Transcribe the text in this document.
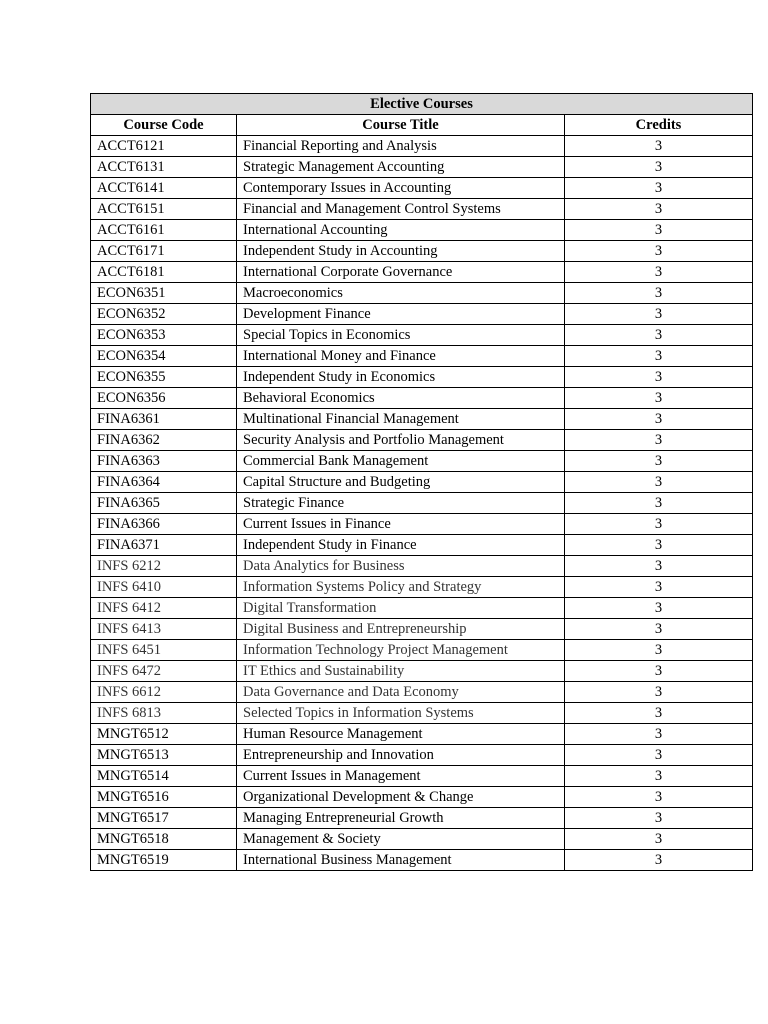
Elective Courses		
Course Code	Course Title	Credits
ACCT6121	Financial Reporting and Analysis	3
ACCT6131	Strategic Management Accounting	3
ACCT6141	Contemporary Issues in Accounting	3
ACCT6151	Financial and Management Control Systems	3
ACCT6161	International Accounting	3
ACCT6171	Independent Study in Accounting	3
ACCT6181	International Corporate Governance	3
ECON6351	Macroeconomics	3
ECON6352	Development Finance	3
ECON6353	Special Topics in Economics	3
ECON6354	International Money and Finance	3
ECON6355	Independent Study in Economics	3
ECON6356	Behavioral Economics	3
FINA6361	Multinational Financial Management	3
FINA6362	Security Analysis and Portfolio Management	3
FINA6363	Commercial Bank Management	3
FINA6364	Capital Structure and Budgeting	3
FINA6365	Strategic Finance	3
FINA6366	Current Issues in Finance	3
FINA6371	Independent Study in Finance	3
INFS 6212	Data Analytics for Business	3
INFS 6410	Information Systems Policy and Strategy	3
INFS 6412	Digital Transformation	3
INFS 6413	Digital Business and Entrepreneurship	3
INFS 6451	Information Technology Project Management	3
INFS 6472	IT Ethics and Sustainability	3
INFS 6612	Data Governance and Data Economy	3
INFS 6813	Selected Topics in Information Systems	3
MNGT6512	Human Resource Management	3
MNGT6513	Entrepreneurship and Innovation	3
MNGT6514	Current Issues in Management	3
MNGT6516	Organizational Development & Change	3
MNGT6517	Managing Entrepreneurial Growth	3
MNGT6518	Management & Society	3
MNGT6519	International Business Management	3
